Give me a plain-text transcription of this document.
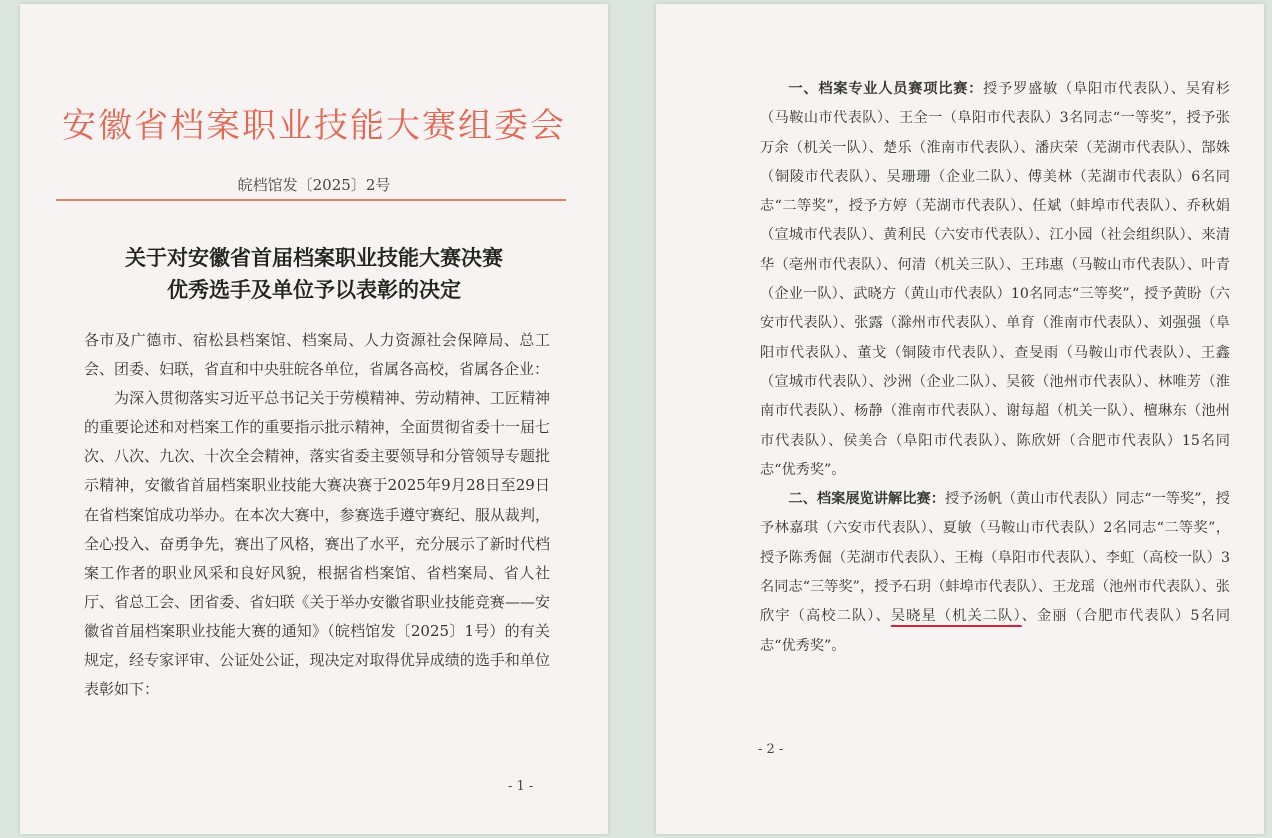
安徽省档案职业技能大赛组委会
皖档馆发〔2025〕2号
关于对安徽省首届档案职业技能大赛决赛
优秀选手及单位予以表彰的决定

各市及广德市、宿松县档案馆、档案局、人力资源社会保障局、总工会、团委、妇联，省直和中央驻皖各单位，省属各高校，省属各企业：

为深入贯彻落实习近平总书记关于劳模精神、劳动精神、工匠精神的重要论述和对档案工作的重要指示批示精神，全面贯彻省委十一届七次、八次、九次、十次全会精神，落实省委主要领导和分管领导专题批示精神，安徽省首届档案职业技能大赛决赛于2025年9月28日至29日在省档案馆成功举办。在本次大赛中，参赛选手遵守赛纪、服从裁判，全心投入、奋勇争先，赛出了风格，赛出了水平，充分展示了新时代档案工作者的职业风采和良好风貌，根据省档案馆、省档案局、省人社厅、省总工会、团省委、省妇联《关于举办安徽省职业技能竞赛——安徽省首届档案职业技能大赛的通知》（皖档馆发〔2025〕1号）的有关规定，经专家评审、公证处公证，现决定对取得优异成绩的选手和单位表彰如下：

- 1 -

一、档案专业人员赛项比赛：授予罗盛敏（阜阳市代表队）、吴宥杉（马鞍山市代表队）、王全一（阜阳市代表队）3名同志“一等奖”，授予张万余（机关一队）、楚乐（淮南市代表队）、潘庆荣（芜湖市代表队）、郜姝（铜陵市代表队）、吴珊珊（企业二队）、傅美林（芜湖市代表队）6名同志“二等奖”，授予方婷（芜湖市代表队）、任斌（蚌埠市代表队）、乔秋娟（宣城市代表队）、黄利民（六安市代表队）、江小园（社会组织队）、来清华（亳州市代表队）、何清（机关三队）、王玮惠（马鞍山市代表队）、叶青（企业一队）、武晓方（黄山市代表队）10名同志“三等奖”，授予黄盼（六安市代表队）、张露（滁州市代表队）、单育（淮南市代表队）、刘强强（阜阳市代表队）、董戈（铜陵市代表队）、查旻雨（马鞍山市代表队）、王鑫（宣城市代表队）、沙洲（企业二队）、吴筱（池州市代表队）、林唯芳（淮南市代表队）、杨静（淮南市代表队）、谢每超（机关一队）、檀琳东（池州市代表队）、侯美合（阜阳市代表队）、陈欣妍（合肥市代表队）15名同志“优秀奖”。

二、档案展览讲解比赛：授予汤帆（黄山市代表队）同志“一等奖”，授予林嘉琪（六安市代表队）、夏敏（马鞍山市代表队）2名同志“二等奖”，授予陈秀倔（芜湖市代表队）、王梅（阜阳市代表队）、李虹（高校一队）3名同志“三等奖”，授予石玥（蚌埠市代表队）、王龙瑶（池州市代表队）、张欣宇（高校二队）、吴晓星（机关二队）、金丽（合肥市代表队）5名同志“优秀奖”。

- 2 -
